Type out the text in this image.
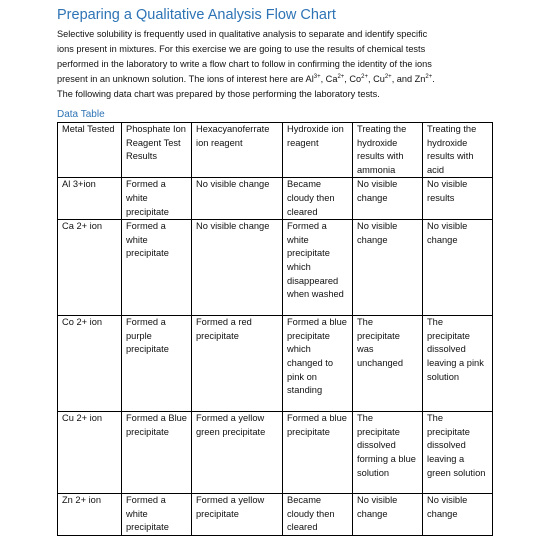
Preparing a Qualitative Analysis Flow Chart
Selective solubility is frequently used in qualitative analysis to separate and identify specific
ions present in mixtures. For this exercise we are going to use the results of chemical tests
performed in the laboratory to write a flow chart to follow in confirming the identity of the ions
present in an unknown solution. The ions of interest here are $Al^{3+}$, $Ca^{2+}$, $Co^{2+}$, $Cu^{2+}$, and $Zn^{2+}$.
The following data chart was prepared by those performing the laboratory tests.
Data Table
Metal Tested	Phosphate Ion Reagent Test Results	Hexacyanoferrate ion reagent	Hydroxide ion reagent	Treating the hydroxide results with ammonia	Treating the hydroxide results with acid
Al 3+ion	Formed a white precipitate	No visible change	Became cloudy then cleared	No visible change	No visible results
Ca 2+ ion	Formed a white precipitate	No visible change	Formed a white precipitate which disappeared when washed	No visible change	No visible change
Co 2+ ion	Formed a purple precipitate	Formed a red precipitate	Formed a blue precipitate which changed to pink on standing	The precipitate was unchanged	The precipitate dissolved leaving a pink solution
Cu 2+ ion	Formed a Blue precipitate	Formed a yellow green precipitate	Formed a blue precipitate	The precipitate dissolved forming a blue solution	The precipitate dissolved leaving a green solution
Zn 2+ ion	Formed a white precipitate	Formed a yellow precipitate	Became cloudy then cleared	No visible change	No visible change
